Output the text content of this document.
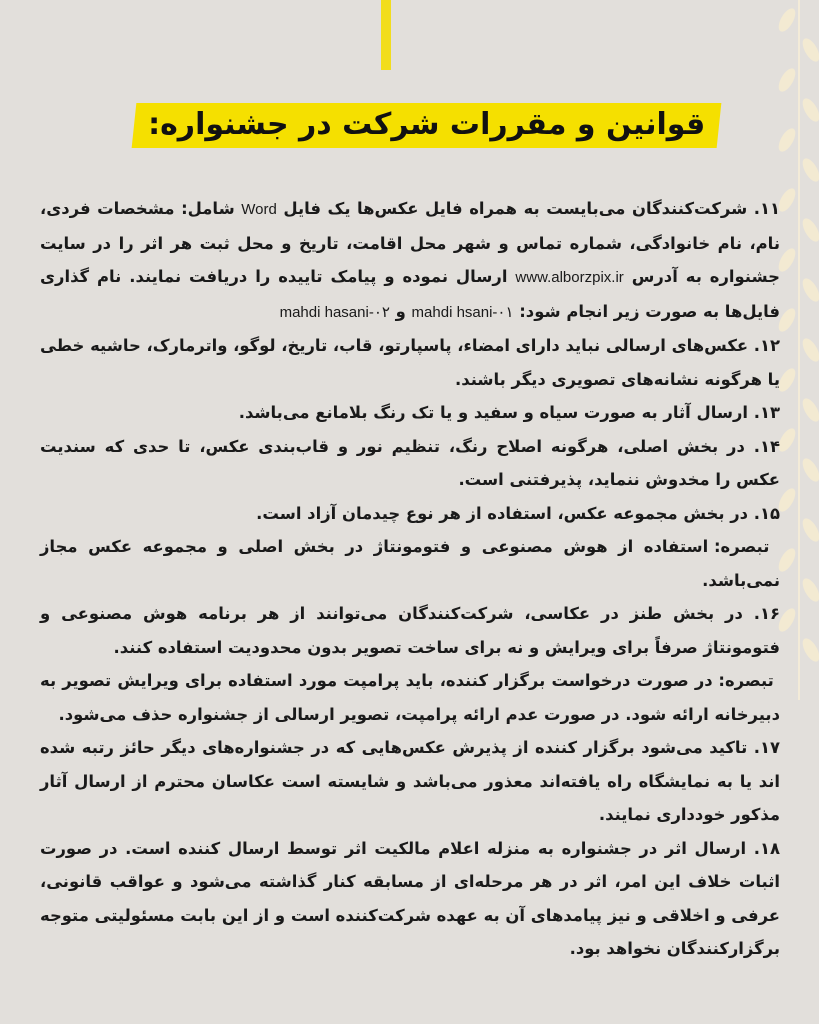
قوانین و مقررات شرکت در جشنواره:

۱۱. شرکت‌کنندگان می‌بایست به همراه فایل عکس‌ها یک فایل Word شامل: مشخصات فردی، نام، نام خانوادگی، شماره تماس و شهر محل اقامت، تاریخ و محل ثبت هر اثر را در سایت جشنواره به آدرس www.alborzpix.ir ارسال نموده و پیامک تاییده را دریافت نمایند. نام گذاری فایل‌ها به صورت زیر انجام شود: mahdi hsani-۰۱ و mahdi hasani-۰۲

۱۲. عکس‌های ارسالی نباید دارای امضاء، پاسپارتو، قاب، تاریخ، لوگو، واترمارک، حاشیه خطی یا هرگونه نشانه‌های تصویری دیگر باشند.

۱۳. ارسال آثار به صورت سیاه و سفید و یا تک رنگ بلامانع می‌باشد.

۱۴. در بخش اصلی، هرگونه اصلاح رنگ، تنظیم نور و قاب‌بندی عکس، تا حدی که سندیت عکس را مخدوش ننماید، پذیرفتنی است.

۱۵. در بخش مجموعه عکس، استفاده از هر نوع چیدمان آزاد است.

تبصره: استفاده از هوش مصنوعی و فتومونتاژ در بخش اصلی و مجموعه عکس مجاز نمی‌باشد.

۱۶. در بخش طنز در عکاسی، شرکت‌کنندگان می‌توانند از هر برنامه هوش مصنوعی و فتومونتاژ صرفاً برای ویرایش و نه برای ساخت تصویر بدون محدودیت استفاده کنند.

تبصره: در صورت درخواست برگزار کننده، باید پرامپت مورد استفاده برای ویرایش تصویر به دبیرخانه ارائه شود. در صورت عدم ارائه پرامپت، تصویر ارسالی از جشنواره حذف می‌شود.

۱۷. تاکید می‌شود برگزار کننده از پذیرش عکس‌هایی که در جشنواره‌های دیگر حائز رتبه شده اند یا به نمایشگاه راه یافته‌اند معذور می‌باشد و شایسته است عکاسان محترم از ارسال آثار مذکور خودداری نمایند.

۱۸. ارسال اثر در جشنواره به منزله اعلام مالکیت اثر توسط ارسال کننده است. در صورت اثبات خلاف این امر، اثر در هر مرحله‌ای از مسابقه کنار گذاشته می‌شود و عواقب قانونی، عرفی و اخلاقی و نیز پیامدهای آن به عهده شرکت‌کننده است و از این بابت مسئولیتی متوجه برگزارکنندگان نخواهد بود.
